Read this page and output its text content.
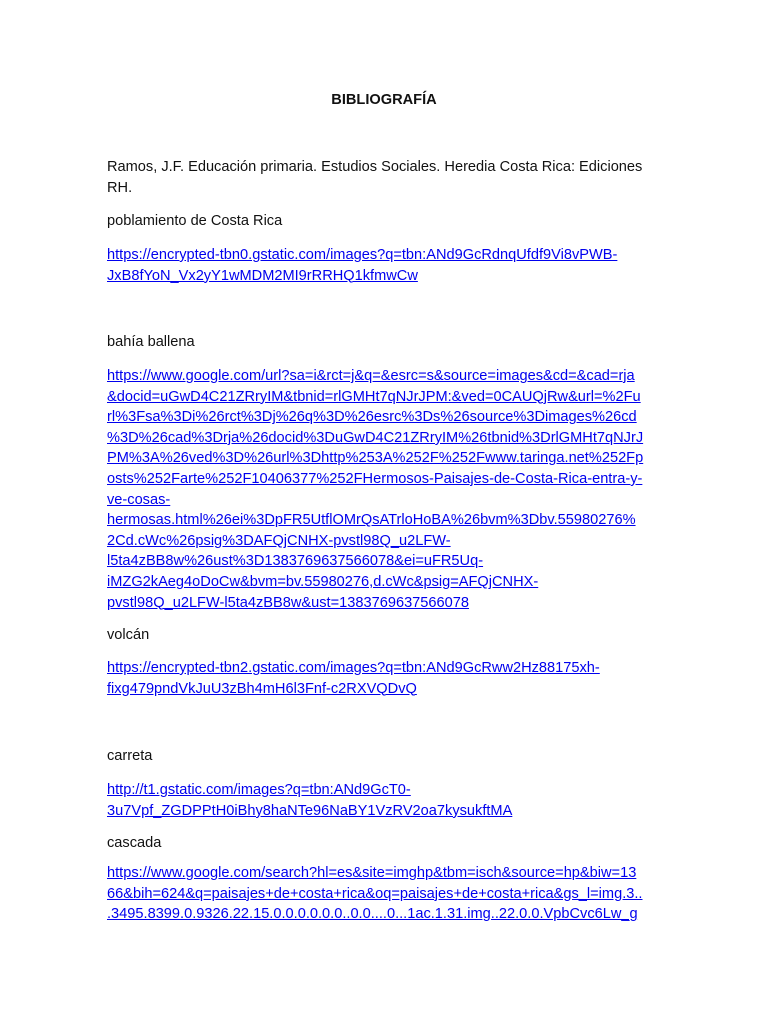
BIBLIOGRAFÍA
Ramos, J.F. Educación primaria. Estudios Sociales. Heredia Costa Rica: Ediciones
RH.
poblamiento de Costa Rica
https://encrypted-tbn0.gstatic.com/images?q=tbn:ANd9GcRdnqUfdf9Vi8vPWB-
JxB8fYoN_Vx2yY1wMDM2MI9rRRHQ1kfmwCw
bahía ballena
https://www.google.com/url?sa=i&rct=j&q=&esrc=s&source=images&cd=&cad=rja
&docid=uGwD4C21ZRryIM&tbnid=rlGMHt7qNJrJPM:&ved=0CAUQjRw&url=%2Fu
rl%3Fsa%3Di%26rct%3Dj%26q%3D%26esrc%3Ds%26source%3Dimages%26cd
%3D%26cad%3Drja%26docid%3DuGwD4C21ZRryIM%26tbnid%3DrlGMHt7qNJrJ
PM%3A%26ved%3D%26url%3Dhttp%253A%252F%252Fwww.taringa.net%252Fp
osts%252Farte%252F10406377%252FHermosos-Paisajes-de-Costa-Rica-entra-y-
ve-cosas-
hermosas.html%26ei%3DpFR5UtflOMrQsATrloHoBA%26bvm%3Dbv.55980276%
2Cd.cWc%26psig%3DAFQjCNHX-pvstl98Q_u2LFW-
l5ta4zBB8w%26ust%3D1383769637566078&ei=uFR5Uq-
iMZG2kAeg4oDoCw&bvm=bv.55980276,d.cWc&psig=AFQjCNHX-
pvstl98Q_u2LFW-l5ta4zBB8w&ust=1383769637566078
volcán
https://encrypted-tbn2.gstatic.com/images?q=tbn:ANd9GcRww2Hz88175xh-
fixg479pndVkJuU3zBh4mH6l3Fnf-c2RXVQDvQ
carreta
http://t1.gstatic.com/images?q=tbn:ANd9GcT0-
3u7Vpf_ZGDPPtH0iBhy8haNTe96NaBY1VzRV2oa7kysukftMA
cascada
https://www.google.com/search?hl=es&site=imghp&tbm=isch&source=hp&biw=13
66&bih=624&q=paisajes+de+costa+rica&oq=paisajes+de+costa+rica&gs_l=img.3..
.3495.8399.0.9326.22.15.0.0.0.0.0.0..0.0....0...1ac.1.31.img..22.0.0.VpbCvc6Lw_g
